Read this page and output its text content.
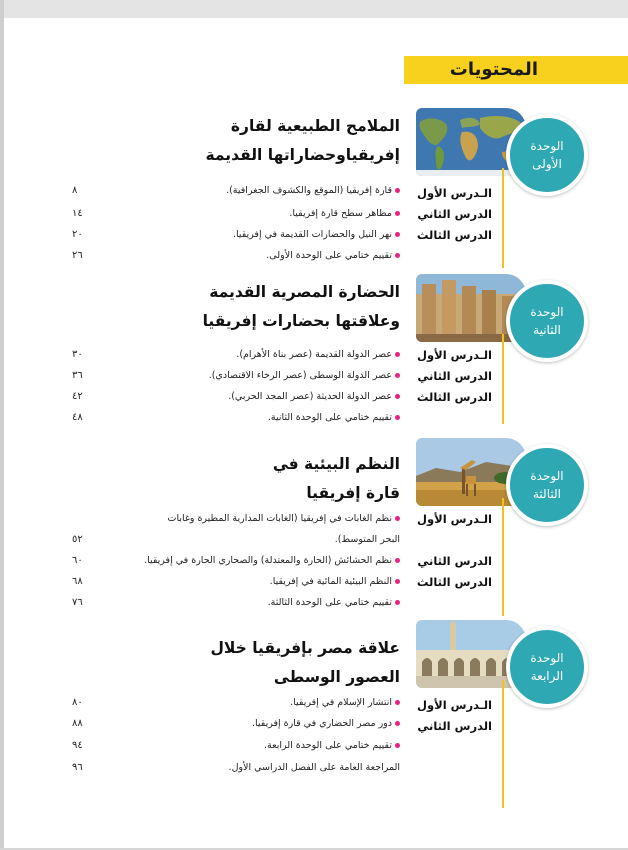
المحتويات
الوحدة
الأولى
الملامح الطبيعية لقارة
إفريقياوحضاراتها القديمة
الـدرس الأول
الدرس الثاني
الدرس الثالث
قارة إفريقيا (الموقع والكشوف الجغرافية).
٨
مظاهر سطح قارة إفريقيا.
١٤
نهر النيل والحضارات القديمة في إفريقيا.
٢٠
تقييم ختامي على الوحدة الأولى.
٢٦
الوحدة
الثانية
الحضارة المصرية القديمة
وعلاقتها بحضارات إفريقيا
الـدرس الأول
الدرس الثاني
الدرس الثالث
عصر الدولة القديمة (عصر بناة الأهرام).
٣٠
عصر الدولة الوسطى (عصر الرخاء الاقتصادي).
٣٦
عصر الدولة الحديثة (عصر المجد الحربي).
٤٢
تقييم ختامي على الوحدة الثانية.
٤٨
الوحدة
الثالثة
النظم البيئية في
قارة إفريقيا
الـدرس الأول
الدرس الثاني
الدرس الثالث
نظم الغابات في إفريقيا (الغابات المدارية المطيرة وغابات
البحر المتوسط).
٥٢
نظم الحشائش (الحارة والمعتدلة) والصحاري الحارة في إفريقيا.
٦٠
النظم البيئية المائية في إفريقيا.
٦٨
تقييم ختامي على الوحدة الثالثة.
٧٦
الوحدة
الرابعة
علاقة مصر بإفريقيا خلال
العصور الوسطى
الـدرس الأول
الدرس الثاني
انتشار الإسلام في إفريقيا.
٨٠
دور مصر الحضاري في قارة إفريقيا.
٨٨
تقييم ختامي على الوحدة الرابعة.
٩٤
المراجعة العامة على الفصل الدراسي الأول.
٩٦
